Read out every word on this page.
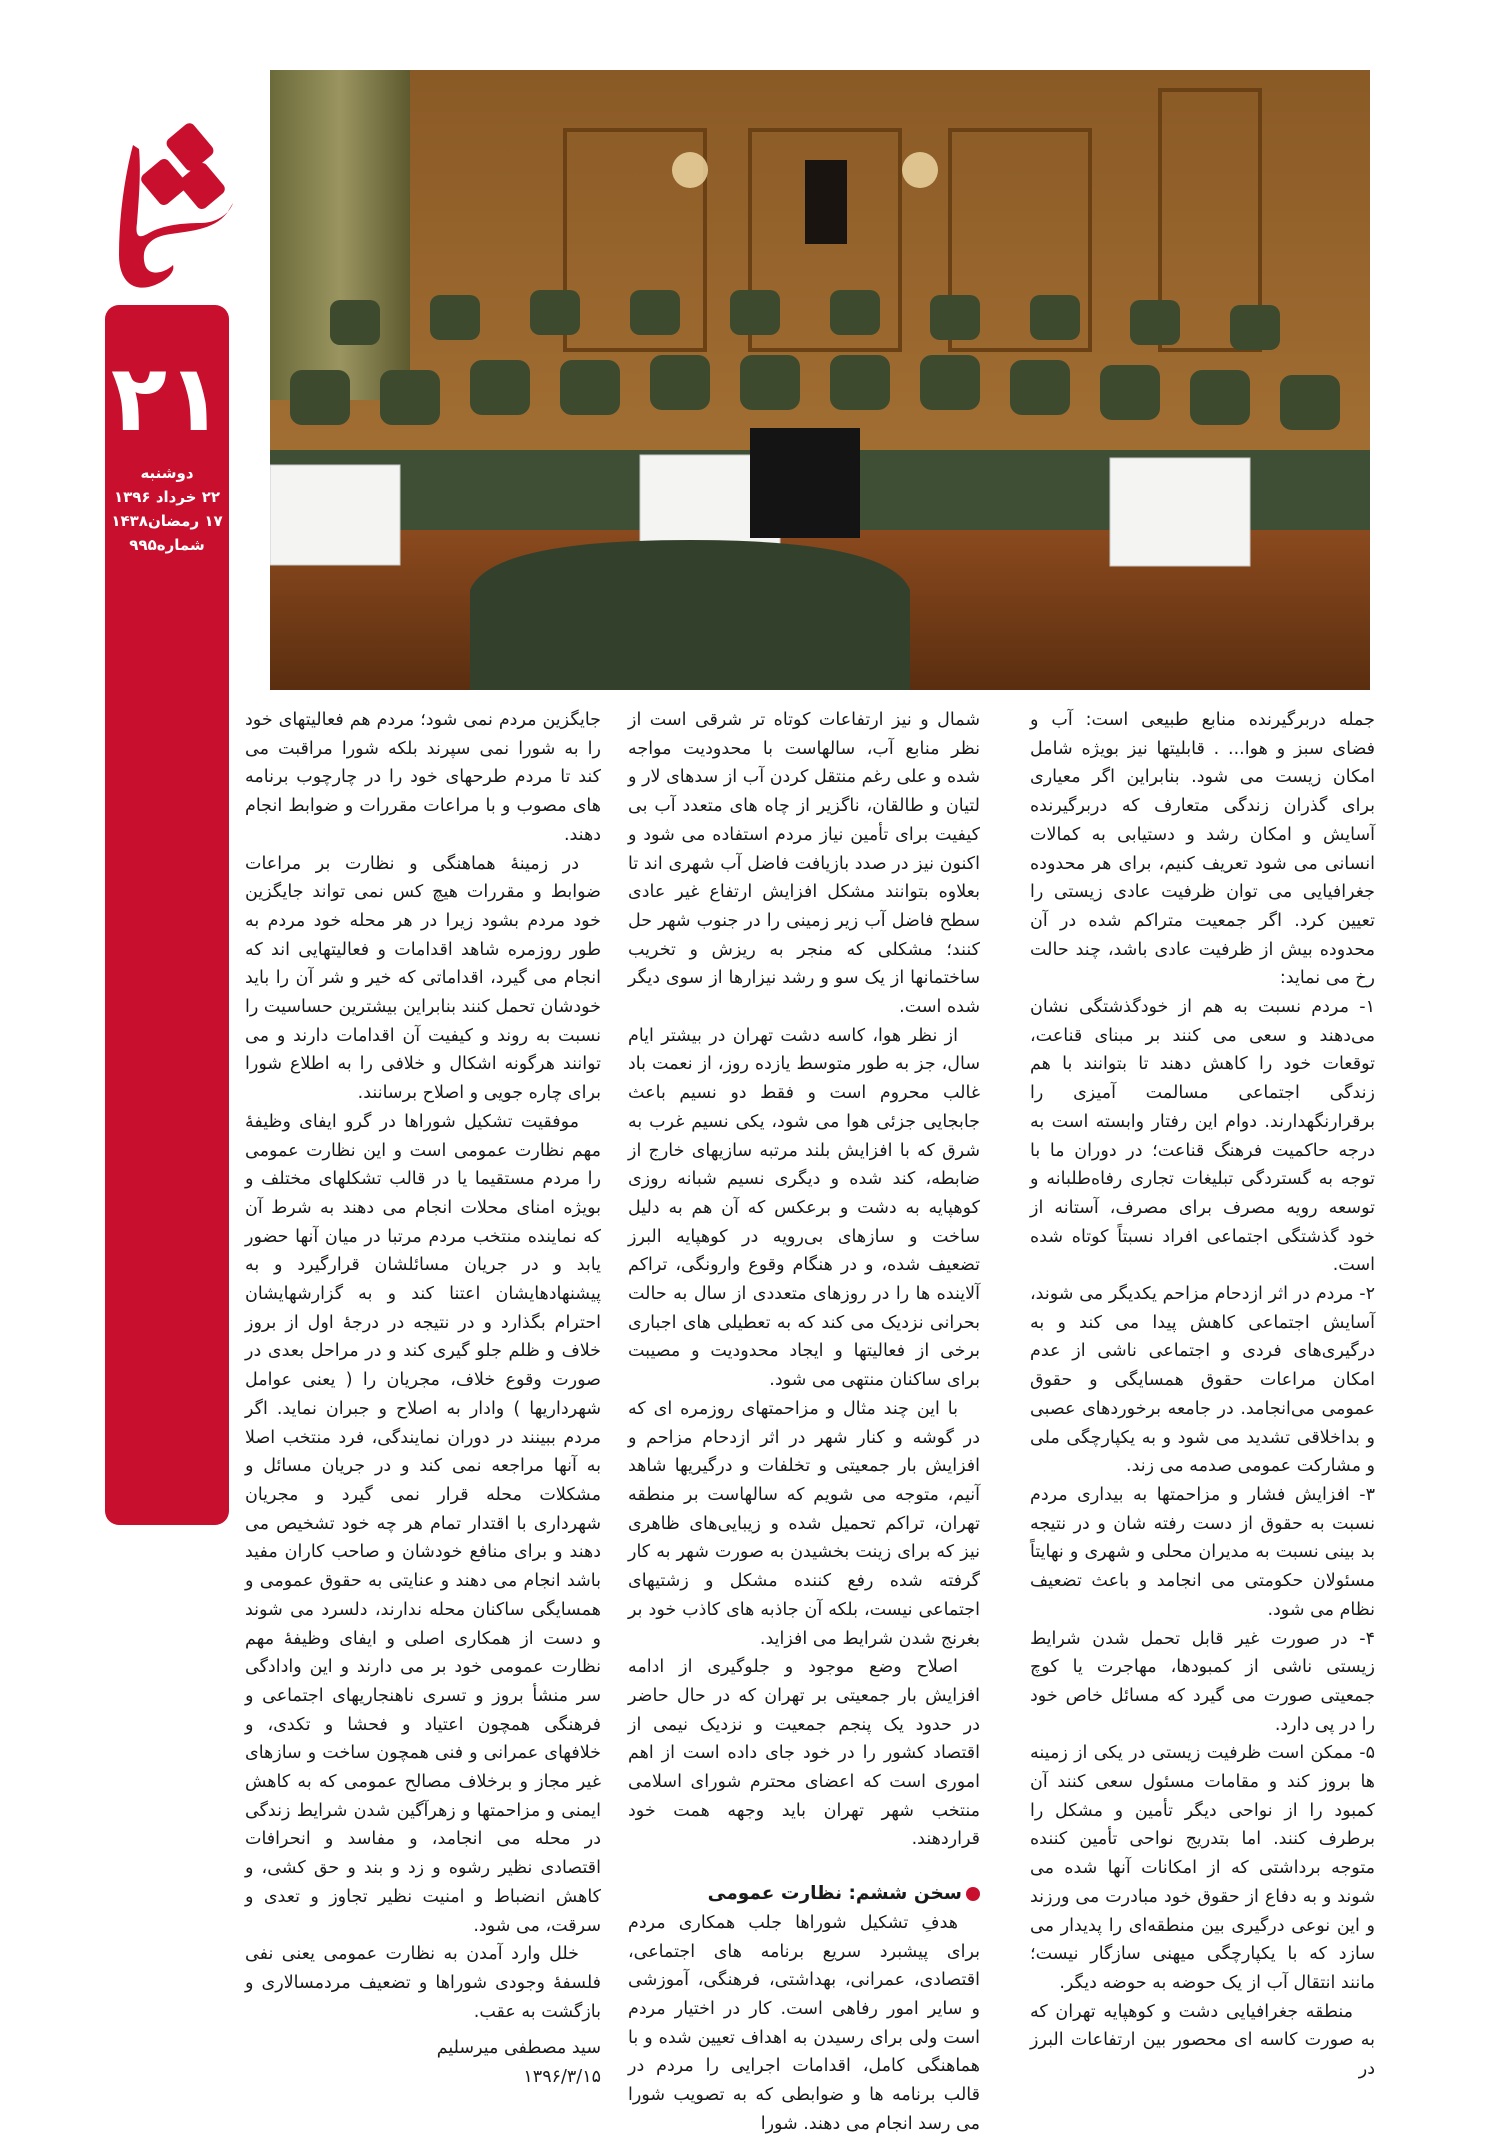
۲۱
دوشنبه
۲۲ خرداد ۱۳۹۶
۱۷ رمضان۱۴۳۸
شماره۹۹۵

جمله دربرگیرنده منابع طبیعی است: آب و فضای سبز و هوا... . قابلیتها نیز بویژه شامل امکان زیست می شود. بنابراین اگر معیاری برای گذران زندگی متعارف که دربرگیرنده آسایش و امکان رشد و دستیابی به کمالات انسانی می شود تعریف کنیم، برای هر محدوده جغرافیایی می توان ظرفیت عادی زیستی را تعیین کرد. اگر جمعیت متراکم شده در آن محدوده بیش از ظرفیت عادی باشد، چند حالت رخ می نماید:

۱- مردم نسبت به هم از خودگذشتگی نشان می‌دهند و سعی می کنند بر مبنای قناعت، توقعات خود را کاهش دهند تا بتوانند با هم زندگی اجتماعی مسالمت آمیزی را برقرارنگهدارند. دوام این رفتار وابسته است به درجه حاکمیت فرهنگ قناعت؛ در دوران ما با توجه به گستردگی تبلیغات تجاری رفاه‌طلبانه و توسعه رویه مصرف برای مصرف، آستانه از خود گذشتگی اجتماعی افراد نسبتاً کوتاه شده است.

۲- مردم در اثر ازدحام مزاحم یکدیگر می شوند، آسایش اجتماعی کاهش پیدا می کند و به درگیری‌های فردی و اجتماعی ناشی از عدم امکان مراعات حقوق همسایگی و حقوق عمومی می‌انجامد. در جامعه برخوردهای عصبی و بداخلاقی تشدید می شود و به یکپارچگی ملی و مشارکت عمومی صدمه می زند.

۳- افزایش فشار و مزاحمتها به بیداری مردم نسبت به حقوق از دست رفته شان و در نتیجه بد بینی نسبت به مدیران محلی و شهری و نهایتاً مسئولان حکومتی می انجامد و باعث تضعیف نظام می شود.

۴- در صورت غیر قابل تحمل شدن شرایط زیستی ناشی از کمبودها، مهاجرت یا کوچ جمعیتی صورت می گیرد که مسائل خاص خود را در پی دارد.

۵- ممکن است ظرفیت زیستی در یکی از زمینه ها بروز کند و مقامات مسئول سعی کنند آن کمبود را از نواحی دیگر تأمین و مشکل را برطرف کنند. اما بتدریج نواحی تأمین کننده متوجه برداشتی که از امکانات آنها شده می شوند و به دفاع از حقوق خود مبادرت می ورزند و این نوعی درگیری بین منطقه‌ای را پدیدار می سازد که با یکپارچگی میهنی سازگار نیست؛ مانند انتقال آب از یک حوضه به حوضه دیگر.

منطقه جغرافیایی دشت و کوهپایه تهران که به صورت کاسه ای محصور بین ارتفاعات البرز در

شمال و نیز ارتفاعات کوتاه تر شرقی است از نظر منابع آب، سالهاست با محدودیت مواجه شده و علی رغم منتقل کردن آب از سدهای لار و لتیان و طالقان، ناگزیر از چاه های متعدد آب بی کیفیت برای تأمین نیاز مردم استفاده می شود و اکنون نیز در صدد بازیافت فاضل آب شهری اند تا بعلاوه بتوانند مشکل افزایش ارتفاع غیر عادی سطح فاضل آب زیر زمینی را در جنوب شهر حل کنند؛ مشکلی که منجر به ریزش و تخریب ساختمانها از یک سو و رشد نیزارها از سوی دیگر شده است.

از نظر هوا، کاسه دشت تهران در بیشتر ایام سال، جز به طور متوسط یازده روز، از نعمت باد غالب محروم است و فقط دو نسیم باعث جابجایی جزئی هوا می شود، یکی نسیم غرب به شرق که با افزایش بلند مرتبه سازیهای خارج از ضابطه، کند شده و دیگری نسیم شبانه روزی کوهپایه به دشت و برعکس که آن هم به دلیل ساخت و سازهای بی‌رویه در کوهپایه البرز تضعیف شده، و در هنگام وقوع وارونگی، تراکم آلاینده ها را در روزهای متعددی از سال به حالت بحرانی نزدیک می کند که به تعطیلی های اجباری برخی از فعالیتها و ایجاد محدودیت و مصیبت برای ساکنان منتهی می شود.

با این چند مثال و مزاحمتهای روزمره ای که در گوشه و کنار شهر در اثر ازدحام مزاحم و افزایش بار جمعیتی و تخلفات و درگیریها شاهد آنیم، متوجه می شویم که سالهاست بر منطقه تهران، تراکم تحمیل شده و زیبایی‌های ظاهری نیز که برای زینت بخشیدن به صورت شهر به کار گرفته شده رفع کننده مشکل و زشتیهای اجتماعی نیست، بلکه آن جاذبه های کاذب خود بر بغرنج شدن شرایط می افزاید.

اصلاح وضع موجود و جلوگیری از ادامه افزایش بار جمعیتی بر تهران که در حال حاضر در حدود یک پنجم جمعیت و نزدیک نیمی از اقتصاد کشور را در خود جای داده است از اهم اموری است که اعضای محترم شورای اسلامی منتخب شهر تهران باید وجهه همت خود قراردهند.

سخن ششم: نظارت عمومی

هدفِ تشکیل شوراها جلب همکاری مردم برای پیشبرد سریع برنامه های اجتماعی، اقتصادی، عمرانی، بهداشتی، فرهنگی، آموزشی و سایر امور رفاهی است. کار در اختیار مردم است ولی برای رسیدن به اهداف تعیین شده و با هماهنگی کامل، اقدامات اجرایی را مردم در قالب برنامه ها و ضوابطی که به تصویب شورا می رسد انجام می دهند. شورا

جایگزین مردم نمی شود؛ مردم هم فعالیتهای خود را به شورا نمی سپرند بلکه شورا مراقبت می کند تا مردم طرحهای خود را در چارچوب برنامه های مصوب و با مراعات مقررات و ضوابط انجام دهند.

در زمینهٔ هماهنگی و نظارت بر مراعات ضوابط و مقررات هیچ کس نمی تواند جایگزین خود مردم بشود زیرا در هر محله خود مردم به طور روزمره شاهد اقدامات و فعالیتهایی اند که انجام می گیرد، اقداماتی که خیر و شر آن را باید خودشان تحمل کنند بنابراین بیشترین حساسیت را نسبت به روند و کیفیت آن اقدامات دارند و می توانند هرگونه اشکال و خلافی را به اطلاع شورا برای چاره جویی و اصلاح برسانند.

موفقیت تشکیل شوراها در گرو ایفای وظیفهٔ مهم نظارت عمومی است و این نظارت عمومی را مردم مستقیما یا در قالب تشکلهای مختلف و بویژه امنای محلات انجام می دهند به شرط آن که نماینده منتخب مردم مرتبا در میان آنها حضور یابد و در جریان مسائلشان قرارگیرد و به پیشنهادهایشان اعتنا کند و به گزارشهایشان احترام بگذارد و در نتیجه در درجهٔ اول از بروز خلاف و ظلم جلو گیری کند و در مراحل بعدی در صورت وقوع خلاف، مجریان را ( یعنی عوامل شهرداریها ) وادار به اصلاح و جبران نماید. اگر مردم ببینند در دوران نمایندگی، فرد منتخب اصلا به آنها مراجعه نمی کند و در جریان مسائل و مشکلات محله قرار نمی گیرد و مجریان شهرداری با اقتدار تمام هر چه خود تشخیص می دهند و برای منافع خودشان و صاحب کاران مفید باشد انجام می دهند و عنایتی به حقوق عمومی و همسایگی ساکنان محله ندارند، دلسرد می شوند و دست از همکاری اصلی و ایفای وظیفهٔ مهم نظارت عمومی خود بر می دارند و این وادادگی سر منشأ بروز و تسری ناهنجاریهای اجتماعی و فرهنگی همچون اعتیاد و فحشا و تکدی، و خلافهای عمرانی و فنی همچون ساخت و سازهای غیر مجاز و برخلاف مصالح عمومی که به کاهش ایمنی و مزاحمتها و زهرآگین شدن شرایط زندگی در محله می انجامد، و مفاسد و انحرافات اقتصادی نظیر رشوه و زد و بند و حق کشی، و کاهش انضباط و امنیت نظیر تجاوز و تعدی و سرقت، می شود.

خلل وارد آمدن به نظارت عمومی یعنی نفی فلسفهٔ وجودی شوراها و تضعیف مردمسالاری و بازگشت به عقب.

سید مصطفی میرسلیم
۱۳۹۶/۳/۱۵
